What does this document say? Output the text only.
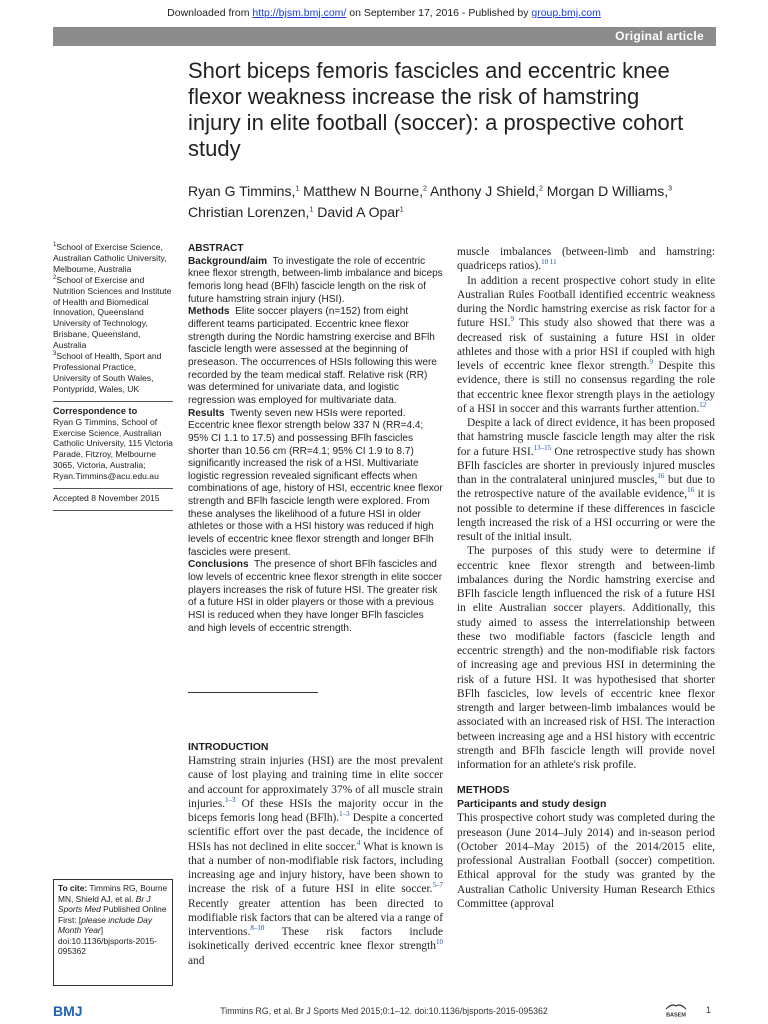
Downloaded from http://bjsm.bmj.com/ on September 17, 2016 - Published by group.bmj.com
Original article
Short biceps femoris fascicles and eccentric knee flexor weakness increase the risk of hamstring injury in elite football (soccer): a prospective cohort study
Ryan G Timmins,$^1$ Matthew N Bourne,$^2$ Anthony J Shield,$^2$ Morgan D Williams,$^3$
Christian Lorenzen,$^1$ David A Opar$^1$

$^1$School of Exercise Science, Australian Catholic University, Melbourne, Australia

$^2$School of Exercise and Nutrition Sciences and Institute of Health and Biomedical Innovation, Queensland University of Technology, Brisbane, Queensland, Australia

$^3$School of Health, Sport and Professional Practice, University of South Wales, Pontypridd, Wales, UK

Correspondence to
Ryan G Timmins, School of Exercise Science, Australian Catholic University, 115 Victoria Parade, Fitzroy, Melbourne 3065, Victoria, Australia;
Ryan.Timmins@acu.edu.au
Accepted 8 November 2015
ABSTRACT

Background/aim To investigate the role of eccentric knee flexor strength, between-limb imbalance and biceps femoris long head (BFlh) fascicle length on the risk of future hamstring strain injury (HSI).

Methods Elite soccer players (n=152) from eight different teams participated. Eccentric knee flexor strength during the Nordic hamstring exercise and BFlh fascicle length were assessed at the beginning of preseason. The occurrences of HSIs following this were recorded by the team medical staff. Relative risk (RR) was determined for univariate data, and logistic regression was employed for multivariate data.

Results Twenty seven new HSIs were reported. Eccentric knee flexor strength below 337 N (RR=4.4; 95% CI 1.1 to 17.5) and possessing BFlh fascicles shorter than 10.56 cm (RR=4.1; 95% CI 1.9 to 8.7) significantly increased the risk of a HSI. Multivariate logistic regression revealed significant effects when combinations of age, history of HSI, eccentric knee flexor strength and BFlh fascicle length were explored. From these analyses the likelihood of a future HSI in older athletes or those with a HSI history was reduced if high levels of eccentric knee flexor strength and longer BFlh fascicles were present.

Conclusions The presence of short BFlh fascicles and low levels of eccentric knee flexor strength in elite soccer players increases the risk of future HSI. The greater risk of a future HSI in older players or those with a previous HSI is reduced when they have longer BFlh fascicles and high levels of eccentric strength.

INTRODUCTION

Hamstring strain injuries (HSI) are the most prevalent cause of lost playing and training time in elite soccer and account for approximately 37% of all muscle strain injuries.$^{1-3}$ Of these HSIs the majority occur in the biceps femoris long head (BFlh).$^{1-3}$ Despite a concerted scientific effort over the past decade, the incidence of HSIs has not declined in elite soccer.$^4$ What is known is that a number of non-modifiable risk factors, including increasing age and injury history, have been shown to increase the risk of a future HSI in elite soccer.$^{5-7}$ Recently greater attention has been directed to modifiable risk factors that can be altered via a range of interventions.$^{8-10}$ These risk factors include isokinetically derived eccentric knee flexor strength$^{10}$ and

muscle imbalances (between-limb and hamstring: quadriceps ratios).$^{10 11}$

In addition a recent prospective cohort study in elite Australian Rules Football identified eccentric weakness during the Nordic hamstring exercise as risk factor for a future HSI.$^9$ This study also showed that there was a decreased risk of sustaining a future HSI in older athletes and those with a prior HSI if coupled with high levels of eccentric knee flexor strength.$^9$ Despite this evidence, there is still no consensus regarding the role that eccentric knee flexor strength plays in the aetiology of a HSI in soccer and this warrants further attention.$^{12}$

Despite a lack of direct evidence, it has been proposed that hamstring muscle fascicle length may alter the risk for a future HSI.$^{13-15}$ One retrospective study has shown BFlh fascicles are shorter in previously injured muscles than in the contralateral uninjured muscles,$^{16}$ but due to the retrospective nature of the available evidence,$^{16}$ it is not possible to determine if these differences in fascicle length increased the risk of a HSI occurring or were the result of the initial insult.

The purposes of this study were to determine if eccentric knee flexor strength and between-limb imbalances during the Nordic hamstring exercise and BFlh fascicle length influenced the risk of a future HSI in elite Australian soccer players. Additionally, this study aimed to assess the interrelationship between these two modifiable factors (fascicle length and eccentric strength) and the non-modifiable risk factors of increasing age and previous HSI in determining the risk of a future HSI. It was hypothesised that shorter BFlh fascicles, low levels of eccentric knee flexor strength and larger between-limb imbalances would be associated with an increased risk of HSI. The interaction between increasing age and a HSI history with eccentric strength and BFlh fascicle length will provide novel information for an athlete's risk profile.

METHODS
Participants and study design

This prospective cohort study was completed during the preseason (June 2014–July 2014) and in-season period (October 2014–May 2015) of the 2014/2015 elite, professional Australian Football (soccer) competition. Ethical approval for the study was granted by the Australian Catholic University Human Research Ethics Committee (approval

To cite: Timmins RG, Bourne MN, Shield AJ, et al. Br J Sports Med Published Online First: [please include Day Month Year] doi:10.1136/bjsports-2015-095362
BMJ	Timmins RG, et al. Br J Sports Med 2015;0:1–12. doi:10.1136/bjsports-2015-095362	BASEM
1
